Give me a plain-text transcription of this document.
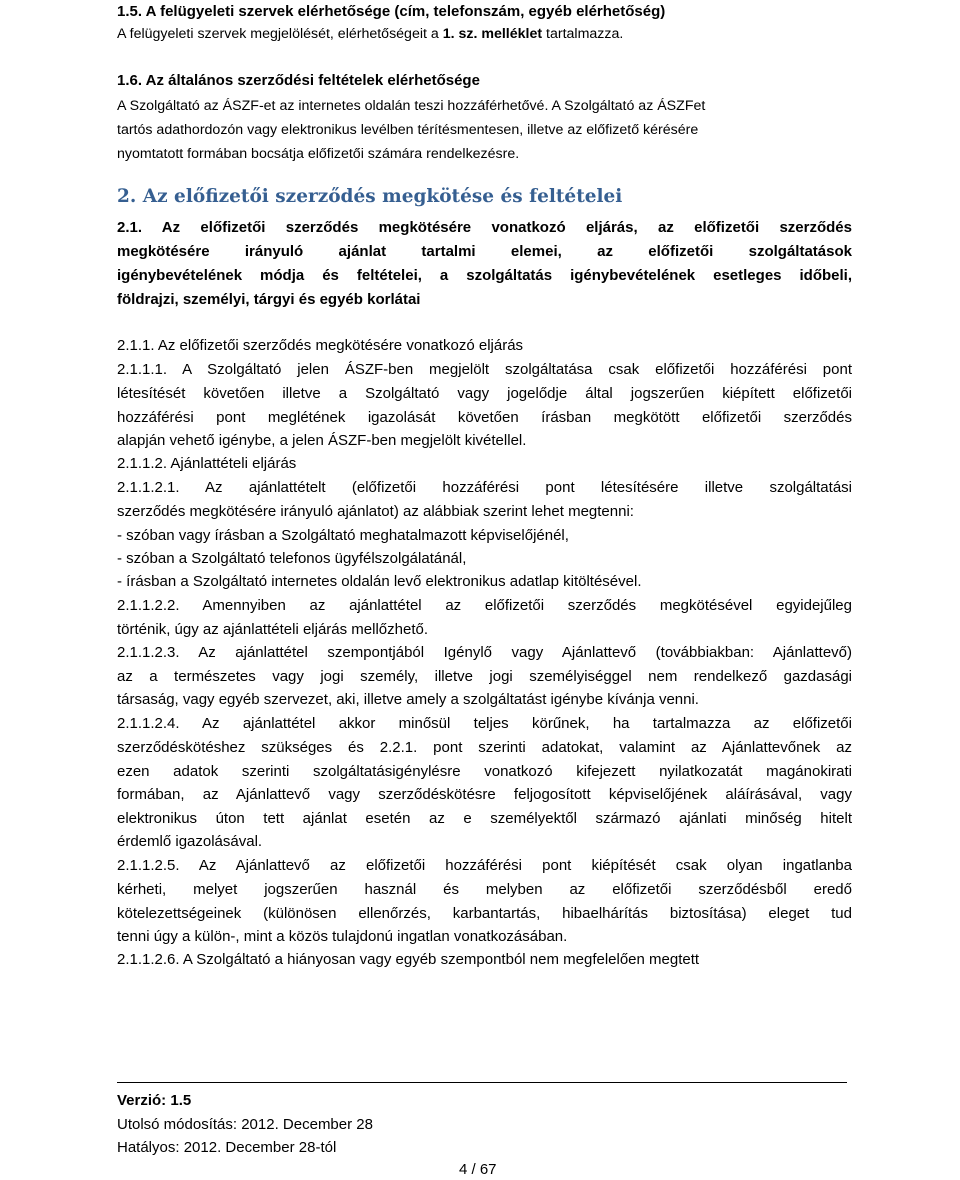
1.5. A felügyeleti szervek elérhetősége (cím, telefonszám, egyéb elérhetőség)
A felügyeleti szervek megjelölését, elérhetőségeit a 1. sz. melléklet tartalmazza.
1.6. Az általános szerződési feltételek elérhetősége
A Szolgáltató az ÁSZF-et az internetes oldalán teszi hozzáférhetővé. A Szolgáltató az ÁSZFet
tartós adathordozón vagy elektronikus levélben térítésmentesen, illetve az előfizető kérésére
nyomtatott formában bocsátja előfizetői számára rendelkezésre.
2. Az előfizetői szerződés megkötése és feltételei
2.1. Az előfizetői szerződés megkötésére vonatkozó eljárás, az előfizetői szerződés
megkötésére irányuló ajánlat tartalmi elemei, az előfizetői szolgáltatások
igénybevételének módja és feltételei, a szolgáltatás igénybevételének esetleges időbeli,
földrajzi, személyi, tárgyi és egyéb korlátai
2.1.1. Az előfizetői szerződés megkötésére vonatkozó eljárás
2.1.1.1. A Szolgáltató jelen ÁSZF-ben megjelölt szolgáltatása csak előfizetői hozzáférési pont
létesítését követően illetve a Szolgáltató vagy jogelődje által jogszerűen kiépített előfizetői
hozzáférési pont meglétének igazolását követően írásban megkötött előfizetői szerződés
alapján vehető igénybe, a jelen ÁSZF-ben megjelölt kivétellel.
2.1.1.2. Ajánlattételi eljárás
2.1.1.2.1. Az ajánlattételt (előfizetői hozzáférési pont létesítésére illetve szolgáltatási
szerződés megkötésére irányuló ajánlatot) az alábbiak szerint lehet megtenni:
- szóban vagy írásban a Szolgáltató meghatalmazott képviselőjénél,
- szóban a Szolgáltató telefonos ügyfélszolgálatánál,
- írásban a Szolgáltató internetes oldalán levő elektronikus adatlap kitöltésével.
2.1.1.2.2. Amennyiben az ajánlattétel az előfizetői szerződés megkötésével egyidejűleg
történik, úgy az ajánlattételi eljárás mellőzhető.
2.1.1.2.3. Az ajánlattétel szempontjából Igénylő vagy Ajánlattevő (továbbiakban: Ajánlattevő)
az a természetes vagy jogi személy, illetve jogi személyiséggel nem rendelkező gazdasági
társaság, vagy egyéb szervezet, aki, illetve amely a szolgáltatást igénybe kívánja venni.
2.1.1.2.4. Az ajánlattétel akkor minősül teljes körűnek, ha tartalmazza az előfizetői
szerződéskötéshez szükséges és 2.2.1. pont szerinti adatokat, valamint az Ajánlattevőnek az
ezen adatok szerinti szolgáltatásigénylésre vonatkozó kifejezett nyilatkozatát magánokirati
formában, az Ajánlattevő vagy szerződéskötésre feljogosított képviselőjének aláírásával, vagy
elektronikus úton tett ajánlat esetén az e személyektől származó ajánlati minőség hitelt
érdemlő igazolásával.
2.1.1.2.5. Az Ajánlattevő az előfizetői hozzáférési pont kiépítését csak olyan ingatlanba
kérheti, melyet jogszerűen használ és melyben az előfizetői szerződésből eredő
kötelezettségeinek (különösen ellenőrzés, karbantartás, hibaelhárítás biztosítása) eleget tud
tenni úgy a külön-, mint a közös tulajdonú ingatlan vonatkozásában.
2.1.1.2.6. A Szolgáltató a hiányosan vagy egyéb szempontból nem megfelelően megtett
Verzió: 1.5
Utolsó módosítás: 2012. December 28
Hatályos: 2012. December 28-tól
4 / 67
